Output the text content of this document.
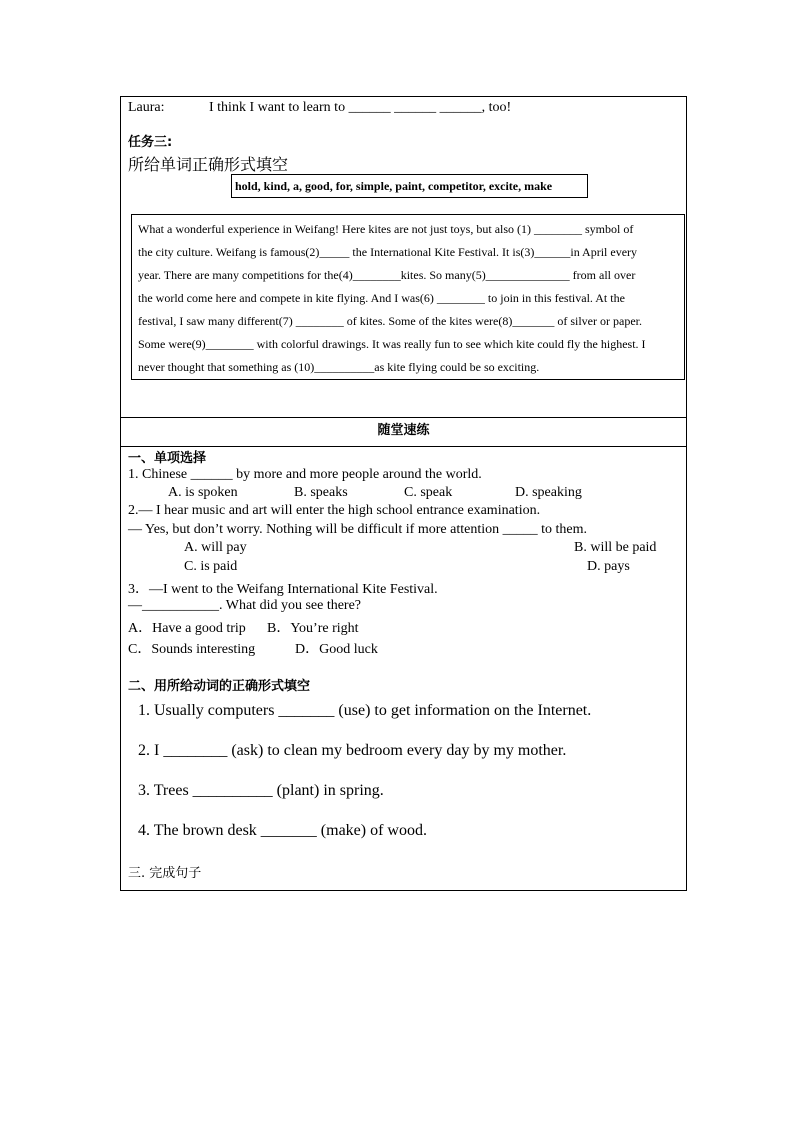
Laura:	I think I want to learn to ______ ______ ______, too!
任务三:
所给单词正确形式填空
hold, kind, a, good, for, simple, paint, competitor, excite, make
What a wonderful experience in Weifang! Here kites are not just toys, but also (1) ________ symbol of
the city culture. Weifang is famous(2)_____ the International Kite Festival. It is(3)______in April every
year. There are many competitions for the(4)________kites. So many(5)______________ from all over
the world come here and compete in kite flying. And I was(6) ________ to join in this festival. At the
festival, I saw many different(7) ________ of kites. Some of the kites were(8)_______ of silver or paper.
Some were(9)________ with colorful drawings. It was really fun to see which kite could fly the highest. I
never thought that something as (10)__________as kite flying could be so exciting.
随堂速练
一、单项选择
1. Chinese ______ by more and more people around the world.
A. is spoken	B. speaks	C. speak	D. speaking
2.— I hear music and art will enter the high school entrance examination.
— Yes, but don’t worry. Nothing will be difficult if more attention _____ to them.
A. will pay	B. will be paid
C. is paid	D. pays
3．—I went to the Weifang International Kite Festival.
—___________. What did you see there?
A．Have a good trip B．You’re right
C．Sounds interesting	D．Good luck
二、用所给动词的正确形式填空
1. Usually computers _______ (use) to get information on the Internet.
2. I ________ (ask) to clean my bedroom every day by my mother.
3. Trees __________ (plant) in spring.
4. The brown desk _______ (make) of wood.
三. 完成句子
